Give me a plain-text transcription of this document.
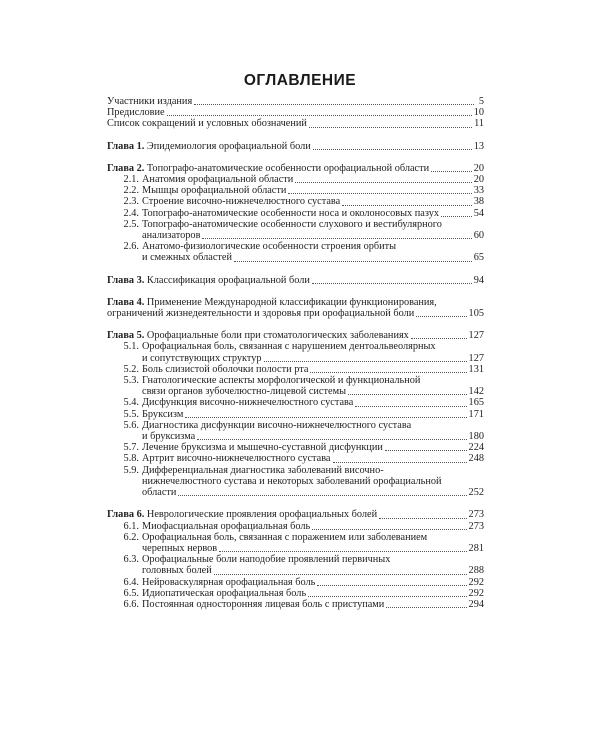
ОГЛАВЛЕНИЕ
Участники издания	5
Предисловие	10
Список сокращений и условных обозначений	11
Глава 1. Эпидемиология орофациальной боли	13
Глава 2. Топографо-анатомические особенности орофациальной области	20
2.1. Анатомия орофациальной области	20
2.2. Мышцы орофациальной области	33
2.3. Строение височно-нижнечелюстного сустава	38
2.4. Топографо-анатомические особенности носа и околоносовых пазух	54
2.5. Топографо-анатомические особенности слухового и вестибулярного
анализаторов	60
2.6. Анатомо-физиологические особенности строения орбиты
и смежных областей	65
Глава 3. Классификация орофациальной боли	94
Глава 4. Применение Международной классификации функционирования,
ограничений жизнедеятельности и здоровья при орофациальной боли	105
Глава 5. Орофациальные боли при стоматологических заболеваниях	127
5.1. Орофациальная боль, связанная с нарушением дентоальвеолярных
и сопутствующих структур	127
5.2. Боль слизистой оболочки полости рта	131
5.3. Гнатологические аспекты морфологической и функциональной
связи органов зубочелюстно-лицевой системы	142
5.4. Дисфункция височно-нижнечелюстного сустава	165
5.5. Бруксизм	171
5.6. Диагностика дисфункции височно-нижнечелюстного сустава
и бруксизма	180
5.7. Лечение бруксизма и мышечно-суставной дисфункции	224
5.8. Артрит височно-нижнечелюстного сустава	248
5.9. Дифференциальная диагностика заболеваний височно-
нижнечелюстного сустава и некоторых заболеваний орофациальной
области	252
Глава 6. Неврологические проявления орофациальных болей	273
6.1. Миофасциальная орофациальная боль	273
6.2. Орофациальная боль, связанная с поражением или заболеванием
черепных нервов	281
6.3. Орофациальные боли наподобие проявлений первичных
головных болей	288
6.4. Нейроваскулярная орофациальная боль	292
6.5. Идиопатическая орофациальная боль	292
6.6. Постоянная односторонняя лицевая боль с приступами	294
